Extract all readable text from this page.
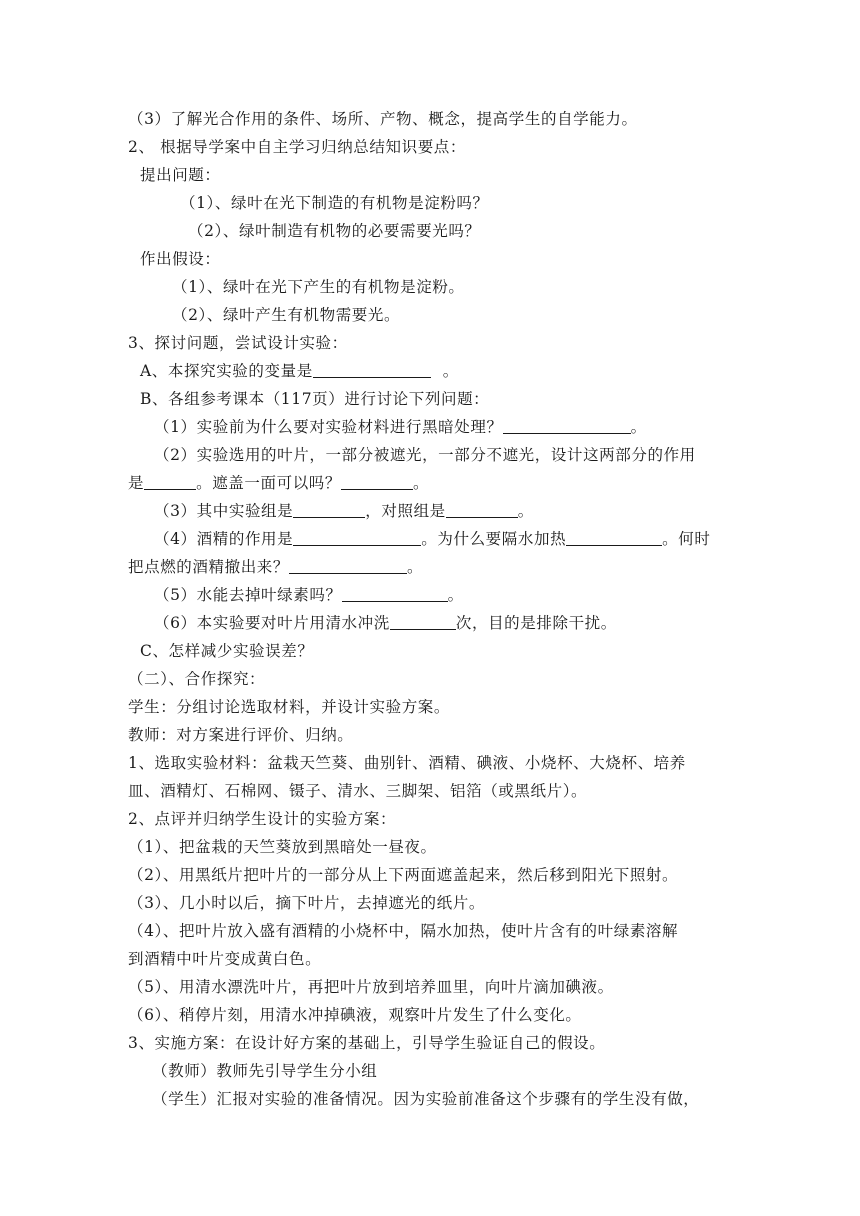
（3）了解光合作用的条件、场所、产物、概念，提高学生的自学能力。
2、 根据导学案中自主学习归纳总结知识要点：
提出问题：
（1）、绿叶在光下制造的有机物是淀粉吗？
（2）、绿叶制造有机物的必要需要光吗？
作出假设：
（1）、绿叶在光下产生的有机物是淀粉。
（2）、绿叶产生有机物需要光。
3、探讨问题，尝试设计实验：
A、本探究实验的变量是	。
B、各组参考课本（117页）进行讨论下列问题：
（1）实验前为什么要对实验材料进行黑暗处理？	。
（2）实验选用的叶片，一部分被遮光，一部分不遮光，设计这两部分的作用
是	。遮盖一面可以吗？	。
（3）其中实验组是	，对照组是	。
（4）酒精的作用是	。为什么要隔水加热	。何时
把点燃的酒精撤出来？	。
（5）水能去掉叶绿素吗？	。
（6）本实验要对叶片用清水冲洗	次，目的是排除干扰。
C、怎样减少实验误差？
（二）、合作探究：
学生：分组讨论选取材料，并设计实验方案。
教师：对方案进行评价、归纳。
1、选取实验材料：盆栽天竺葵、曲别针、酒精、碘液、小烧杯、大烧杯、培养
皿、酒精灯、石棉网、镊子、清水、三脚架、铝箔（或黑纸片）。
2、点评并归纳学生设计的实验方案：
（1）、把盆栽的天竺葵放到黑暗处一昼夜。
（2）、用黑纸片把叶片的一部分从上下两面遮盖起来，然后移到阳光下照射。
（3）、几小时以后，摘下叶片，去掉遮光的纸片。
（4）、把叶片放入盛有酒精的小烧杯中，隔水加热，使叶片含有的叶绿素溶解
到酒精中叶片变成黄白色。
（5）、用清水漂洗叶片，再把叶片放到培养皿里，向叶片滴加碘液。
（6）、稍停片刻，用清水冲掉碘液，观察叶片发生了什么变化。
3、实施方案：在设计好方案的基础上，引导学生验证自己的假设。
（教师）教师先引导学生分小组
（学生）汇报对实验的准备情况。因为实验前准备这个步骤有的学生没有做，
